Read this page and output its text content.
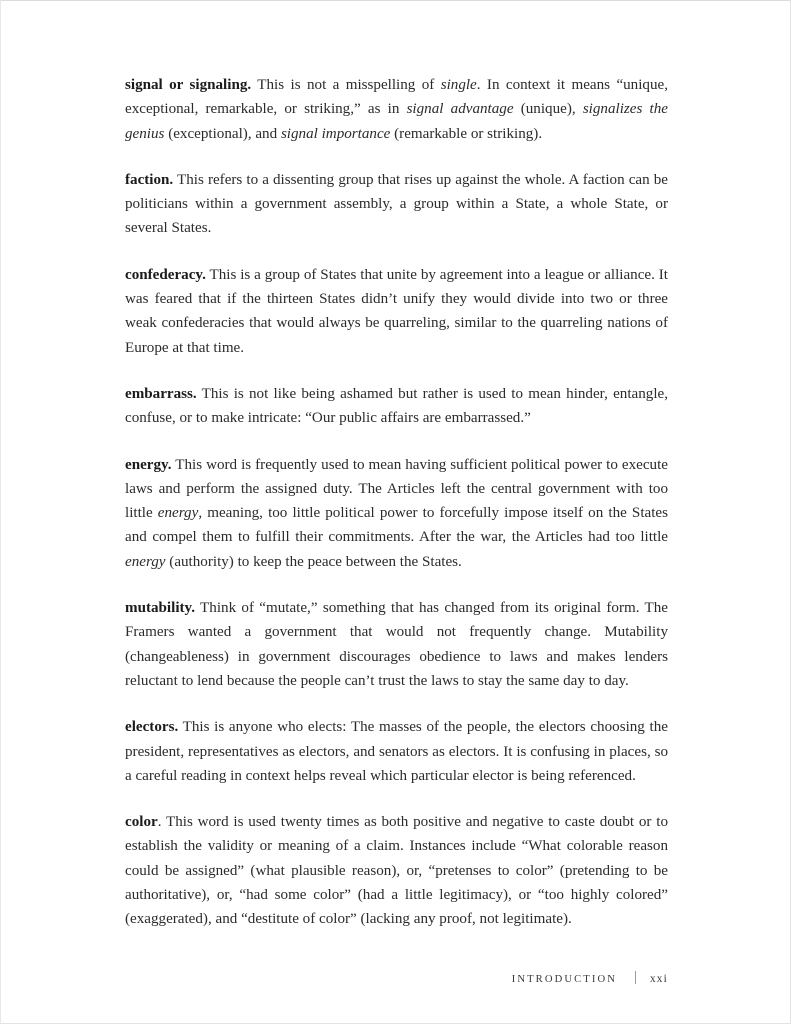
signal or signaling. This is not a misspelling of single. In context it means “unique, exceptional, remarkable, or striking,” as in signal advantage (unique), signalizes the genius (exceptional), and signal importance (remarkable or striking).

faction. This refers to a dissenting group that rises up against the whole. A faction can be politicians within a government assembly, a group within a State, a whole State, or several States.

confederacy. This is a group of States that unite by agreement into a league or alliance. It was feared that if the thirteen States didn’t unify they would divide into two or three weak confederacies that would always be quarreling, similar to the quarreling nations of Europe at that time.

embarrass. This is not like being ashamed but rather is used to mean hinder, entangle, confuse, or to make intricate: “Our public affairs are embarrassed.”

energy. This word is frequently used to mean having sufficient political power to execute laws and perform the assigned duty. The Articles left the central government with too little energy, meaning, too little political power to forcefully impose itself on the States and compel them to fulfill their commitments. After the war, the Articles had too little energy (authority) to keep the peace between the States.

mutability. Think of “mutate,” something that has changed from its original form. The Framers wanted a government that would not frequently change. Mutability (changeableness) in government discourages obedience to laws and makes lenders reluctant to lend because the people can’t trust the laws to stay the same day to day.

electors. This is anyone who elects: The masses of the people, the electors choosing the president, representatives as electors, and senators as electors. It is confusing in places, so a careful reading in context helps reveal which particular elector is being referenced.

color. This word is used twenty times as both positive and negative to caste doubt or to establish the validity or meaning of a claim. Instances include “What colorable reason could be assigned” (what plausible reason), or, “pretenses to color” (pretending to be authoritative), or, “had some color” (had a little legitimacy), or “too highly colored” (exaggerated), and “destitute of color” (lacking any proof, not legitimate).

INTRODUCTION	xxi
